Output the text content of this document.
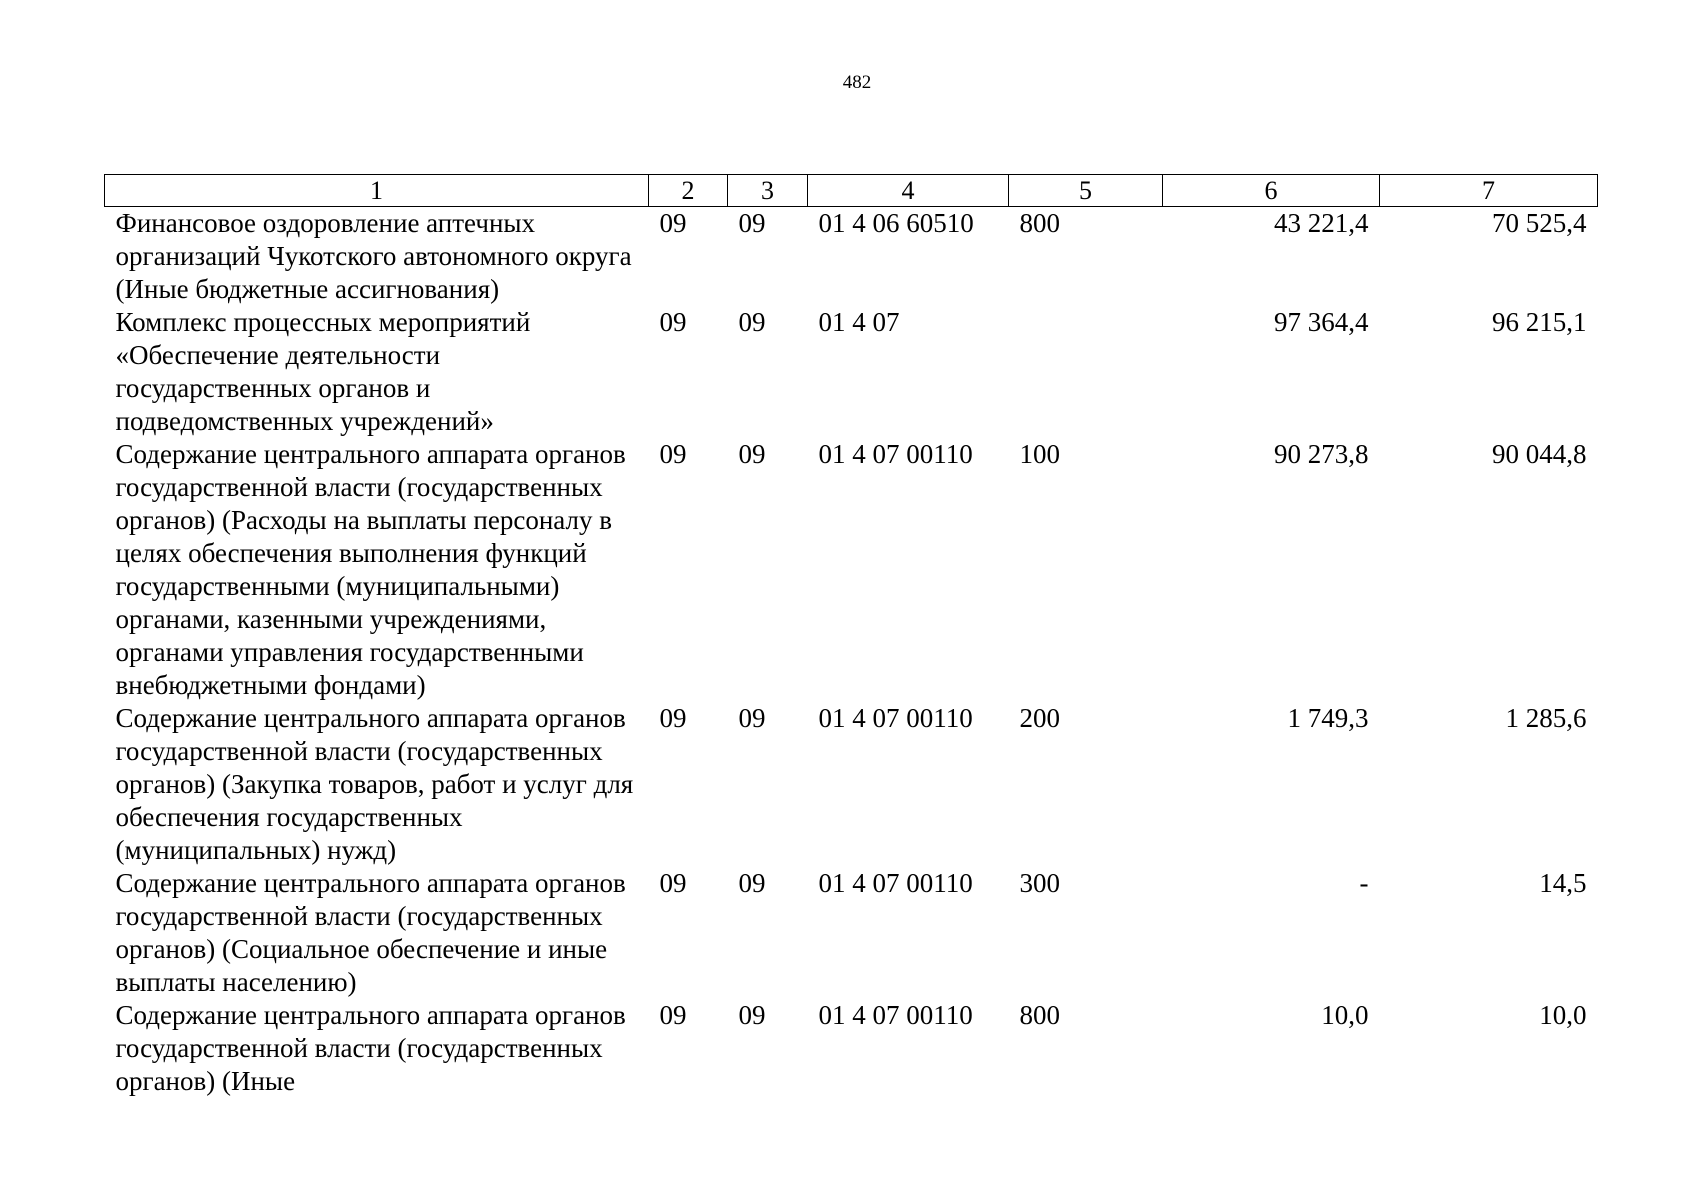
482
1	2	3	4	5	6	7
Финансовое оздоровление аптечных организаций Чукотского автономного округа (Иные бюджетные ассигнования)	09	09	01 4 06 60510	800	43 221,4	70 525,4
Комплекс процессных мероприятий «Обеспечение деятельности государственных органов и подведомственных учреждений»	09	09	01 4 07		97 364,4	96 215,1
Содержание центрального аппарата органов государственной власти (государственных органов) (Расходы на выплаты персоналу в целях обеспечения выполнения функций государственными (муниципальными) органами, казенными учреждениями, органами управления государственными внебюджетными фондами)	09	09	01 4 07 00110	100	90 273,8	90 044,8
Содержание центрального аппарата органов государственной власти (государственных органов) (Закупка товаров, работ и услуг для обеспечения государственных (муниципальных) нужд)	09	09	01 4 07 00110	200	1 749,3	1 285,6
Содержание центрального аппарата органов государственной власти (государственных органов) (Социальное обеспечение и иные выплаты населению)	09	09	01 4 07 00110	300	-	14,5
Содержание центрального аппарата органов государственной власти (государственных органов) (Иные	09	09	01 4 07 00110	800	10,0	10,0
